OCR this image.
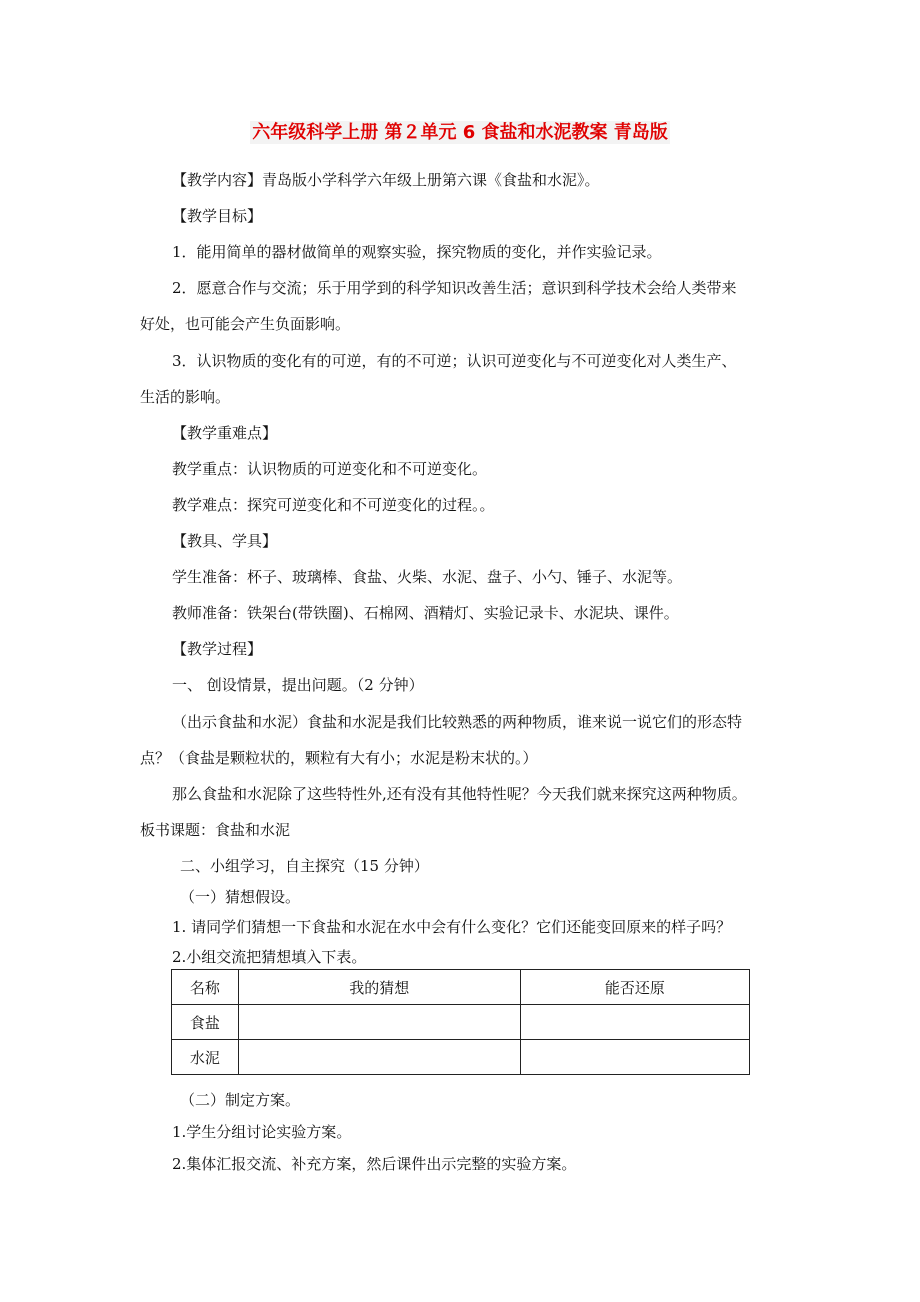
六年级科学上册 第２单元 6 食盐和水泥教案 青岛版
【教学内容】青岛版小学科学六年级上册第六课《食盐和水泥》。
【教学目标】
1．能用简单的器材做简单的观察实验，探究物质的变化，并作实验记录。
2．愿意合作与交流；乐于用学到的科学知识改善生活；意识到科学技术会给人类带来
好处，也可能会产生负面影响。
3．认识物质的变化有的可逆，有的不可逆；认识可逆变化与不可逆变化对人类生产、
生活的影响。
【教学重难点】
教学重点：认识物质的可逆变化和不可逆变化。
教学难点：探究可逆变化和不可逆变化的过程。。
【教具、学具】
学生准备：杯子、玻璃棒、食盐、火柴、水泥、盘子、小勺、锤子、水泥等。
教师准备：铁架台(带铁圈)、石棉网、酒精灯、实验记录卡、水泥块、课件。
【教学过程】
一、 创设情景，提出问题。（2 分钟）
（出示食盐和水泥）食盐和水泥是我们比较熟悉的两种物质，谁来说一说它们的形态特
点？（食盐是颗粒状的，颗粒有大有小；水泥是粉末状的。）
那么食盐和水泥除了这些特性外,还有没有其他特性呢？今天我们就来探究这两种物质。
板书课题：食盐和水泥
二、小组学习，自主探究（15 分钟）
（一）猜想假设。
1. 请同学们猜想一下食盐和水泥在水中会有什么变化？它们还能变回原来的样子吗？
2.小组交流把猜想填入下表。
名称	我的猜想	能否还原
食盐		
水泥		
（二）制定方案。
1.学生分组讨论实验方案。
2.集体汇报交流、补充方案，然后课件出示完整的实验方案。
